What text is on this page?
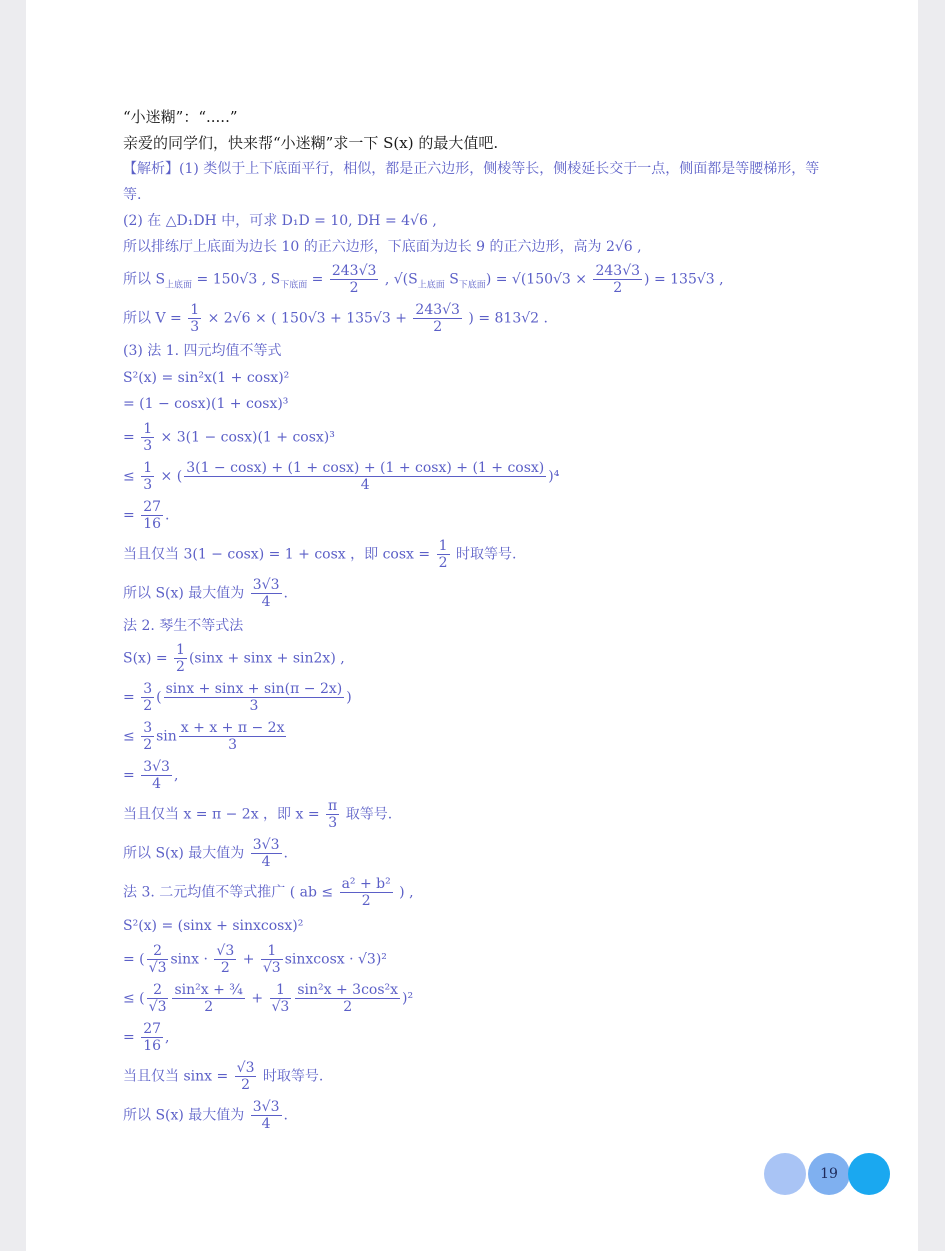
“小迷糊”：“.....”
亲爱的同学们，快来帮“小迷糊”求一下 S(x) 的最大值吧.
【解析】(1) 类似于上下底面平行，相似，都是正六边形，侧棱等长，侧棱延长交于一点，侧面都是等腰梯形，等
等.
(2) 在 △D₁DH 中，可求 D₁D = 10, DH = 4√6 ,
所以排练厅上底面为边长 10 的正六边形，下底面为边长 9 的正六边形，高为 2√6 ,
所以 $S_{上底面} = 150√3$ , $S_{下底面} = \frac{243√3}{2}$ , $√(S_{上底面}$ $S_{下底面}) = √(150√3 \times \frac{243√3}{2}$ ) = 135√3 ,
所以 $V = \frac{1}{3} \times 2√6$ × ( $150√3 + 135√3 + \frac{243√3}{2}$ ) = 813√2 .
(3) 法 1. 四元均值不等式
S²(x) = sin²x(1 + cosx)²
= (1 − cosx)(1 + cosx)³
= $\frac{1}{3} \times 3(1 - \cos x)(1 + \cos x)^3$
≤ $\frac{1}{3}$ × ( $\frac{3(1 - \cos x) + (1 + \cos x) + (1 + \cos x) + (1 + \cos x)}{4} )^4$
= $\frac{27}{16}$ .
当且仅当 3(1 − cosx) = 1 + cosx ，即 $\cos x = \frac{1}{2}$ 时取等号.
所以 S(x) 最大值为 $\frac{3√3}{4}$ .
法 2. 琴生不等式法
$S(x) = \frac{1}{2} (\sin x + \sin x + \sin 2x)$ ,
= $\frac{3}{2}$ ( $\frac{\sin x + \sin x + \sin(\pi - 2x)}{3}$ )
≤ $\frac{3}{2}$ $\sin \frac{x + x + \pi - 2x}{3}$
= $\frac{3√3}{4}$ ,
当且仅当 x = π − 2x ，即 $x = \frac{\pi}{3}$ 取等号.
所以 S(x) 最大值为 $\frac{3√3}{4}$ .
法 3. 二元均值不等式推广 ( ab ≤ $\frac{\text{a² + b²}}{2}$ ) ,
S²(x) = (sinx + sinxcosx)²
= ( $\frac{2}{√3}$ $\sin x \cdot \frac{√3}{2} + \frac{1}{√3}$ sinxcosx · √3)²
≤ ( $\frac{2}{√3} \frac{\text{sin²x + ¾}}{2} + \frac{1}{√3} \frac{\text{sin²x + 3cos²x}}{2} )^2$
= $\frac{27}{16}$ ,
当且仅当 $\sin x = \frac{√3}{2}$ 时取等号.
所以 S(x) 最大值为 $\frac{3√3}{4}$ .
19
